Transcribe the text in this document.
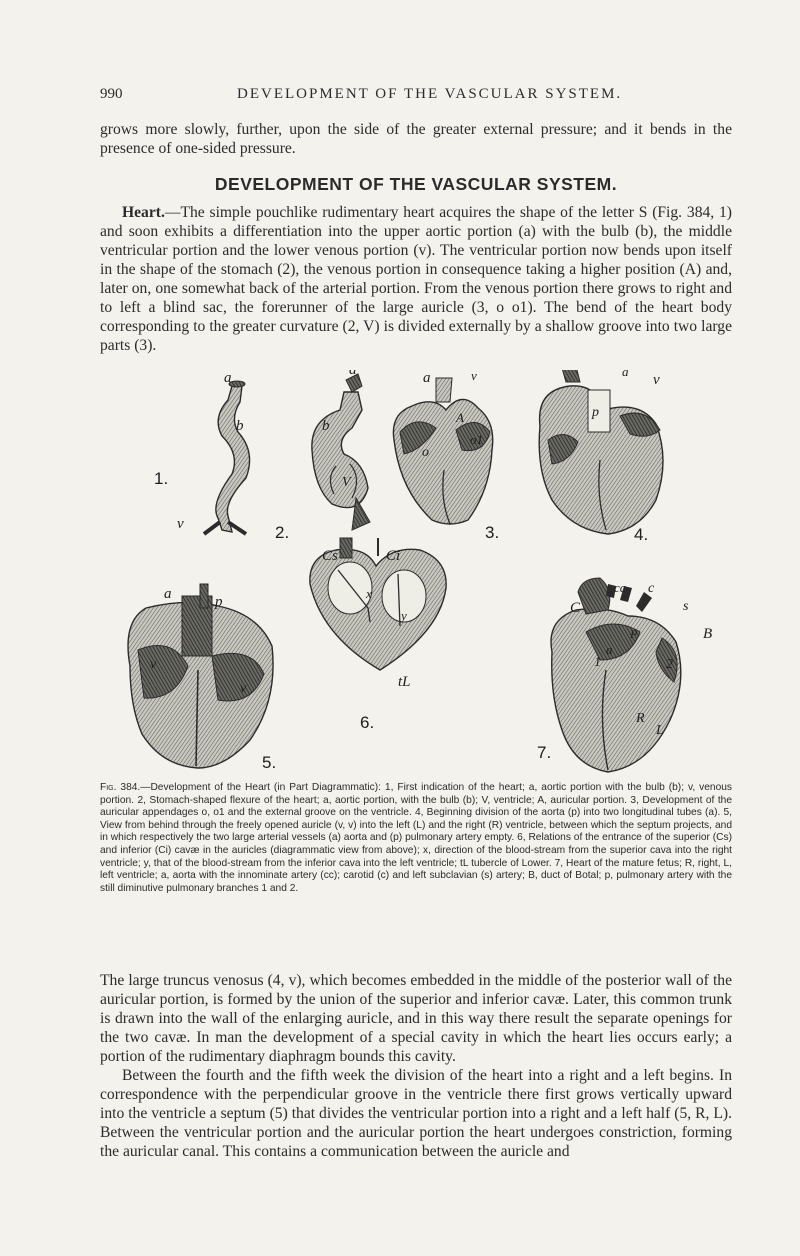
990	DEVELOPMENT OF THE VASCULAR SYSTEM.

grows more slowly, further, upon the side of the greater external pressure; and it bends in the presence of one-sided pressure.

DEVELOPMENT OF THE VASCULAR SYSTEM.

Heart.—The simple pouchlike rudimentary heart acquires the shape of the letter S (Fig. 384, 1) and soon exhibits a differentiation into the upper aortic portion (a) with the bulb (b), the middle ventricular portion and the lower venous portion (v). The ventricular portion now bends upon itself in the shape of the stomach (2), the venous portion in consequence taking a higher position (A) and, later on, one somewhat back of the arterial portion. From the venous portion there grows to right and to left a blind sac, the forerunner of the large auricle (3, o o1). The bend of the heart body corresponding to the greater curvature (2, V) is divided externally by a shallow groove into two large parts (3).

1.
2.	3.	4.
5.
6.
7.
a
b
v
a
b
V
a	v
o
o1
A
a
v
p
a	p
v
v
Cs	Ci
x
y
tL
C
cc c
s
B
1
a
2
R
L
P
Fig. 384.—Development of the Heart (in Part Diagrammatic): 1, First indication of the heart; a, aortic portion with the bulb (b); v, venous portion. 2, Stomach-shaped flexure of the heart; a, aortic portion, with the bulb (b); V, ventricle; A, auricular portion. 3, Development of the auricular appendages o, o1 and the external groove on the ventricle. 4, Beginning division of the aorta (p) into two longitudinal tubes (a). 5, View from behind through the freely opened auricle (v, v) into the left (L) and the right (R) ventricle, between which the septum projects, and in which respectively the two large arterial vessels (a) aorta and (p) pulmonary artery empty. 6, Relations of the entrance of the superior (Cs) and inferior (Ci) cavæ in the auricles (diagrammatic view from above); x, direction of the blood-stream from the superior cava into the right ventricle; y, that of the blood-stream from the inferior cava into the left ventricle; tL tubercle of Lower. 7, Heart of the mature fetus; R, right, L, left ventricle; a, aorta with the innominate artery (cc); carotid (c) and left subclavian (s) artery; B, duct of Botal; p, pulmonary artery with the still diminutive pulmonary branches 1 and 2.

The large truncus venosus (4, v), which becomes embedded in the middle of the posterior wall of the auricular portion, is formed by the union of the superior and inferior cavæ. Later, this common trunk is drawn into the wall of the enlarging auricle, and in this way there result the separate openings for the two cavæ. In man the development of a special cavity in which the heart lies occurs early; a portion of the rudimentary diaphragm bounds this cavity.

Between the fourth and the fifth week the division of the heart into a right and a left begins. In correspondence with the perpendicular groove in the ventricle there first grows vertically upward into the ventricle a septum (5) that divides the ventricular portion into a right and a left half (5, R, L). Between the ventricular portion and the auricular portion the heart undergoes constriction, forming the auricular canal. This contains a communication between the auricle and
